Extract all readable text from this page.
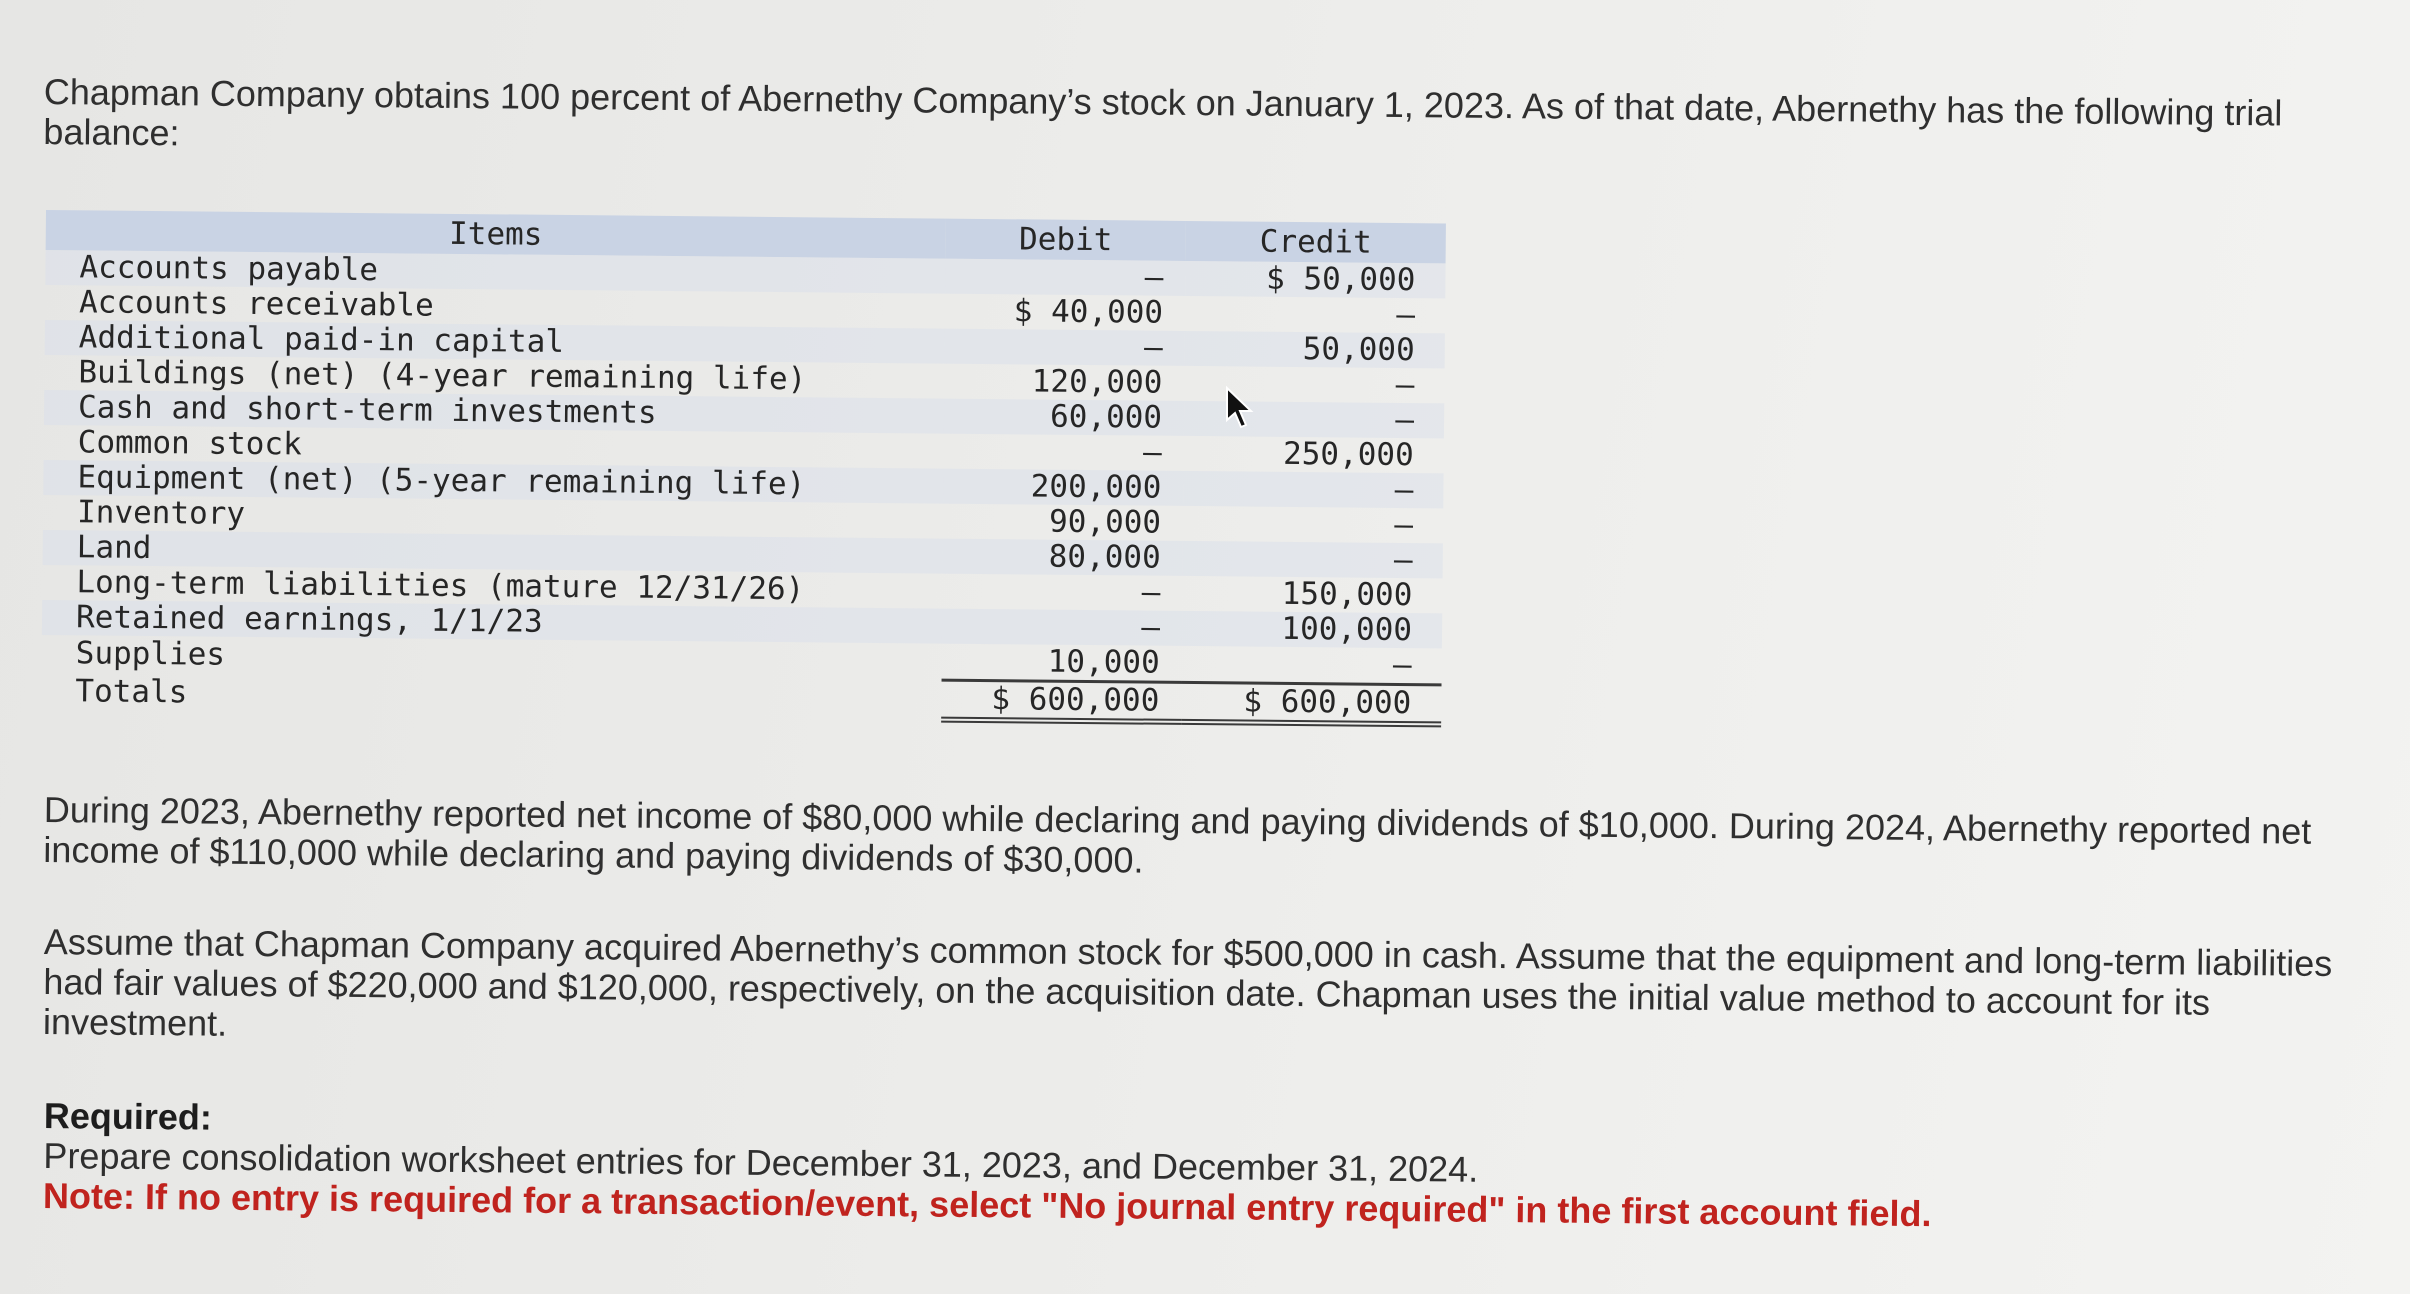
Chapman Company obtains 100 percent of Abernethy Company’s stock on January 1, 2023. As of that date, Abernethy has the following trial balance:
Items	Debit	Credit
Accounts payable	–	$ 50,000
Accounts receivable	$ 40,000	–
Additional paid-in capital	–	50,000
Buildings (net) (4-year remaining life)	120,000	–
Cash and short-term investments	60,000	–
Common stock	–	250,000
Equipment (net) (5-year remaining life)	200,000	–
Inventory	90,000	–
Land	80,000	–
Long-term liabilities (mature 12/31/26)	–	150,000
Retained earnings, 1/1/23	–	100,000
Supplies	10,000	–
Totals	$ 600,000	$ 600,000
During 2023, Abernethy reported net income of $80,000 while declaring and paying dividends of $10,000. During 2024, Abernethy reported net income of $110,000 while declaring and paying dividends of $30,000.
Assume that Chapman Company acquired Abernethy’s common stock for $500,000 in cash. Assume that the equipment and long-term liabilities had fair values of $220,000 and $120,000, respectively, on the acquisition date. Chapman uses the initial value method to account for its investment.
Required:
Prepare consolidation worksheet entries for December 31, 2023, and December 31, 2024.
Note: If no entry is required for a transaction/event, select "No journal entry required" in the first account field.
